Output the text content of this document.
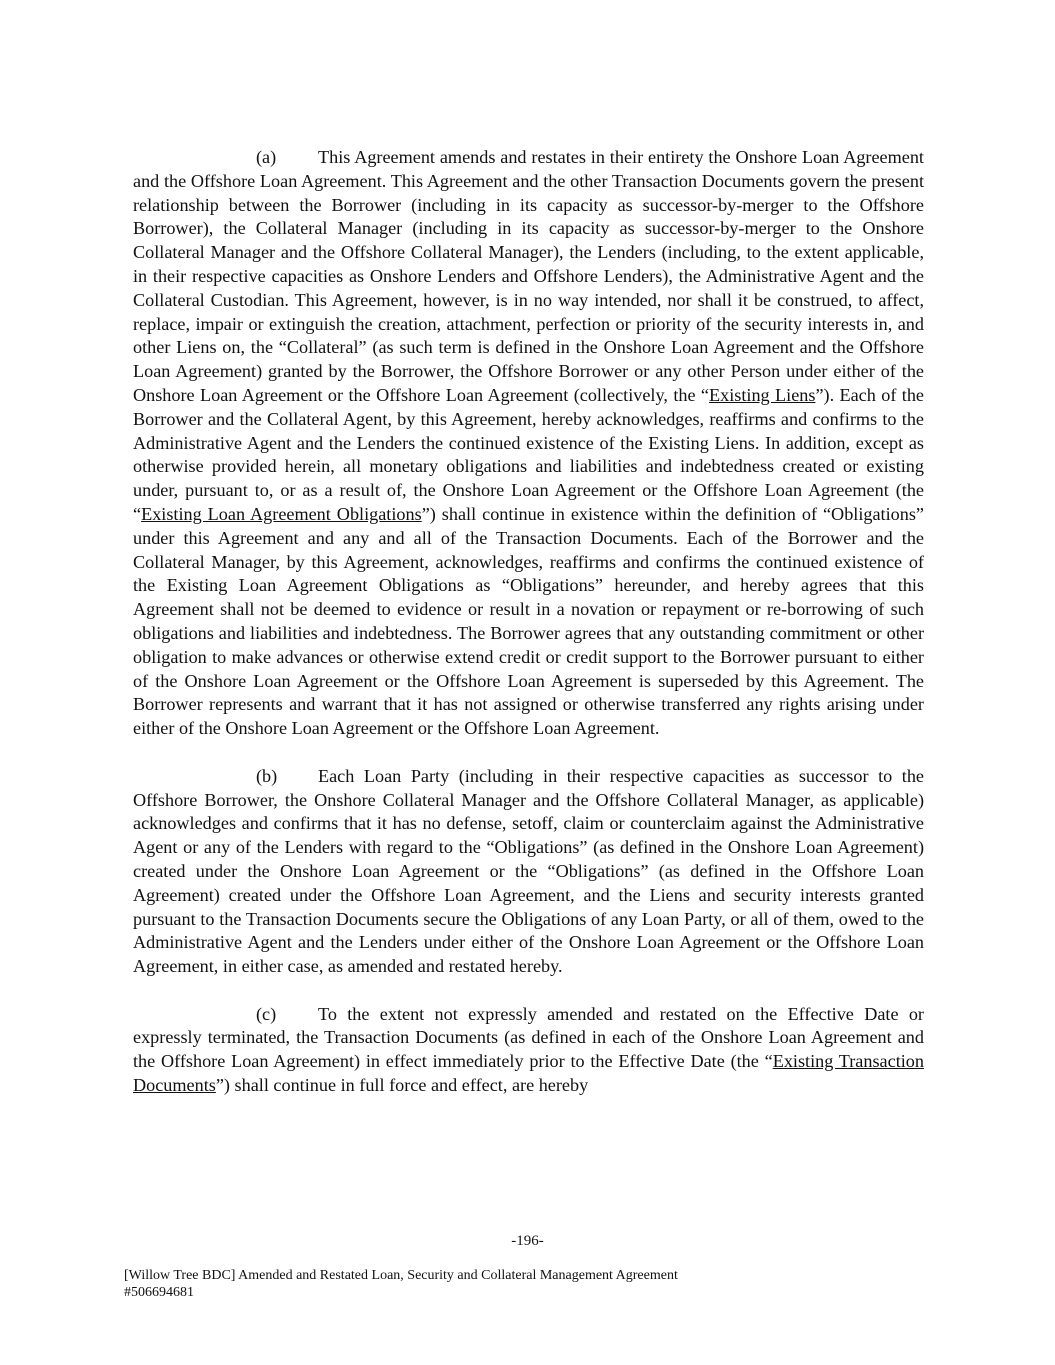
(a) This Agreement amends and restates in their entirety the Onshore Loan Agreement and the Offshore Loan Agreement. This Agreement and the other Transaction Documents govern the present relationship between the Borrower (including in its capacity as successor-by-merger to the Offshore Borrower), the Collateral Manager (including in its capacity as successor-by-merger to the Onshore Collateral Manager and the Offshore Collateral Manager), the Lenders (including, to the extent applicable, in their respective capacities as Onshore Lenders and Offshore Lenders), the Administrative Agent and the Collateral Custodian. This Agreement, however, is in no way intended, nor shall it be construed, to affect, replace, impair or extinguish the creation, attachment, perfection or priority of the security interests in, and other Liens on, the “Collateral” (as such term is defined in the Onshore Loan Agreement and the Offshore Loan Agreement) granted by the Borrower, the Offshore Borrower or any other Person under either of the Onshore Loan Agreement or the Offshore Loan Agreement (collectively, the “Existing Liens”). Each of the Borrower and the Collateral Agent, by this Agreement, hereby acknowledges, reaffirms and confirms to the Administrative Agent and the Lenders the continued existence of the Existing Liens. In addition, except as otherwise provided herein, all monetary obligations and liabilities and indebtedness created or existing under, pursuant to, or as a result of, the Onshore Loan Agreement or the Offshore Loan Agreement (the “Existing Loan Agreement Obligations”) shall continue in existence within the definition of “Obligations” under this Agreement and any and all of the Transaction Documents. Each of the Borrower and the Collateral Manager, by this Agreement, acknowledges, reaffirms and confirms the continued existence of the Existing Loan Agreement Obligations as “Obligations” hereunder, and hereby agrees that this Agreement shall not be deemed to evidence or result in a novation or repayment or re-borrowing of such obligations and liabilities and indebtedness. The Borrower agrees that any outstanding commitment or other obligation to make advances or otherwise extend credit or credit support to the Borrower pursuant to either of the Onshore Loan Agreement or the Offshore Loan Agreement is superseded by this Agreement. The Borrower represents and warrant that it has not assigned or otherwise transferred any rights arising under either of the Onshore Loan Agreement or the Offshore Loan Agreement.

(b) Each Loan Party (including in their respective capacities as successor to the Offshore Borrower, the Onshore Collateral Manager and the Offshore Collateral Manager, as applicable) acknowledges and confirms that it has no defense, setoff, claim or counterclaim against the Administrative Agent or any of the Lenders with regard to the “Obligations” (as defined in the Onshore Loan Agreement) created under the Onshore Loan Agreement or the “Obligations” (as defined in the Offshore Loan Agreement) created under the Offshore Loan Agreement, and the Liens and security interests granted pursuant to the Transaction Documents secure the Obligations of any Loan Party, or all of them, owed to the Administrative Agent and the Lenders under either of the Onshore Loan Agreement or the Offshore Loan Agreement, in either case, as amended and restated hereby.

(c) To the extent not expressly amended and restated on the Effective Date or expressly terminated, the Transaction Documents (as defined in each of the Onshore Loan Agreement and the Offshore Loan Agreement) in effect immediately prior to the Effective Date (the “Existing Transaction Documents”) shall continue in full force and effect, are hereby

-196-
[Willow Tree BDC] Amended and Restated Loan, Security and Collateral Management Agreement
#506694681
